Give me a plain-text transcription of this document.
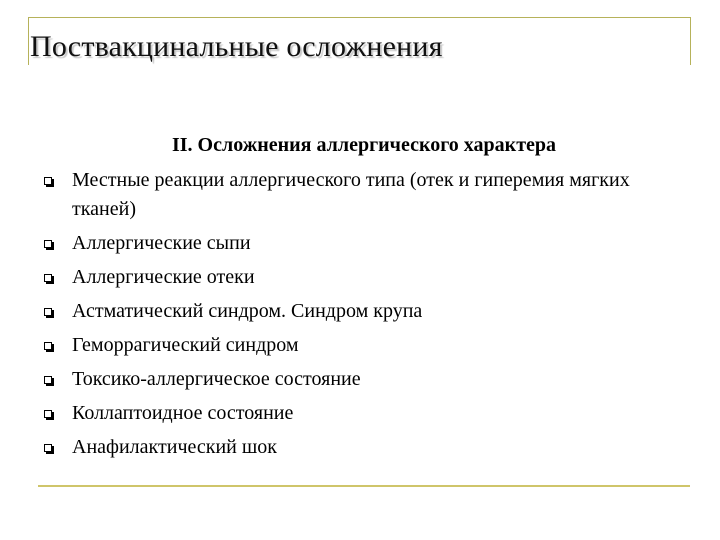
Поствакцинальные осложнения

II. Осложнения аллергического характера

Местные реакции аллергического типа (отек и гиперемия мягких тканей)
Аллергические сыпи
Аллергические отеки
Астматический синдром. Синдром крупа
Геморрагический синдром
Токсико-аллергическое состояние
Коллаптоидное состояние
Анафилактический шок
